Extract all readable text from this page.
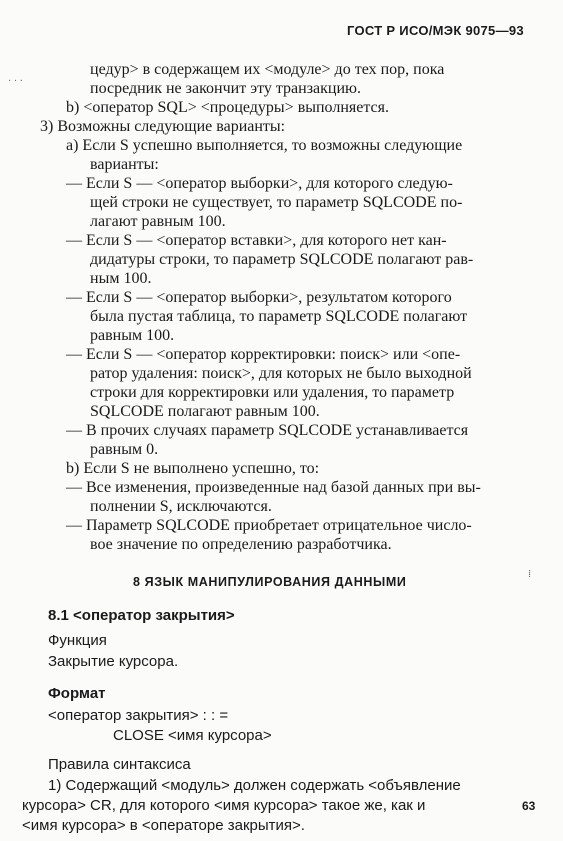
ГОСТ Р ИСО/МЭК 9075—93
· · ·
⁞
цедур> в содержащем их <модуле> до тех пор, пока
посредник не закончит эту транзакцию.
b) <оператор SQL> <процедуры> выполняется.
3) Возможны следующие варианты:
a) Если S успешно выполняется, то возможны следующие
варианты:
— Если S — <оператор выборки>, для которого следую-
щей строки не существует, то параметр SQLCODE по-
лагают равным 100.
— Если S — <оператор вставки>, для которого нет кан-
дидатуры строки, то параметр SQLCODE полагают рав-
ным 100.
— Если S — <оператор выборки>, результатом которого
была пустая таблица, то параметр SQLCODE полагают
равным 100.
— Если S — <оператор корректировки: поиск> или <опе-
ратор удаления: поиск>, для которых не было выходной
строки для корректировки или удаления, то параметр
SQLCODE полагают равным 100.
— В прочих случаях параметр SQLCODE устанавливается
равным 0.
b) Если S не выполнено успешно, то:
— Все изменения, произведенные над базой данных при вы-
полнении S, исключаются.
— Параметр SQLCODE приобретает отрицательное число-
вое значение по определению разработчика.
8 ЯЗЫК МАНИПУЛИРОВАНИЯ ДАННЫМИ
8.1 <оператор закрытия>
Функция
Закрытие курсора.
Формат
<оператор закрытия> : : =
CLOSE <имя курсора>
Правила синтаксиса
1) Содержащий <модуль> должен содержать <объявление
курсора> CR, для которого <имя курсора> такое же, как и
<имя курсора> в <операторе закрытия>.
63
